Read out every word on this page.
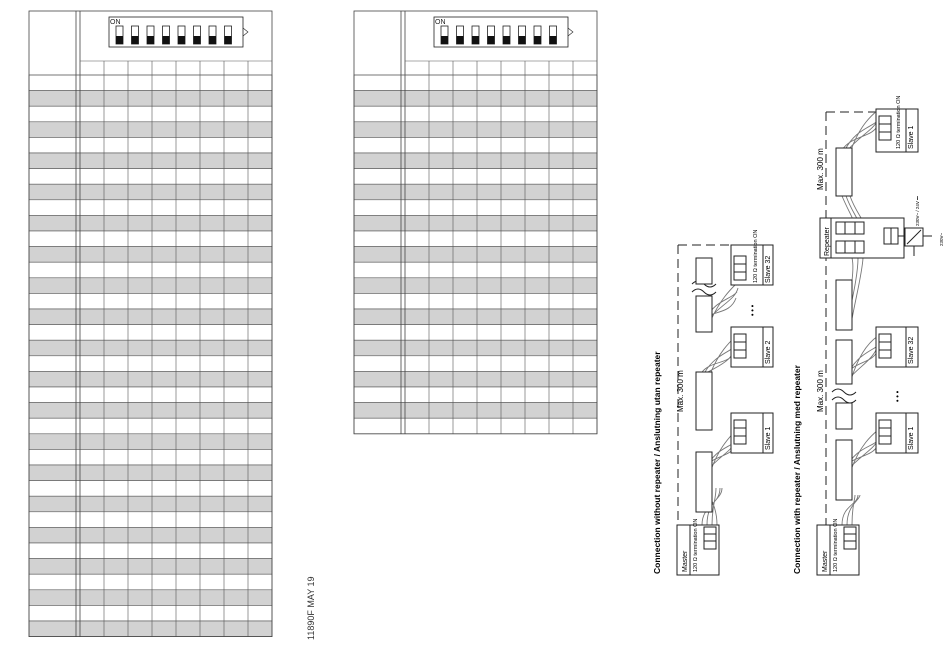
ON	ON
11890F MAY 19
Connection without repeater / Anslutning utan repeater Max. 300 m
Master 120 Ω termination ON
Slave 1
Slave 2
• • •
Slave 32
120 Ω termination ON
Connection with repeater / Anslutning med repeater Max. 300 m
Max. 300 m
Master 120 Ω termination ON
Slave 1
• • •
Slave 32
Repeater
230V~ / 24V ⎓
230V~
Slave 1
120 Ω termination ON
